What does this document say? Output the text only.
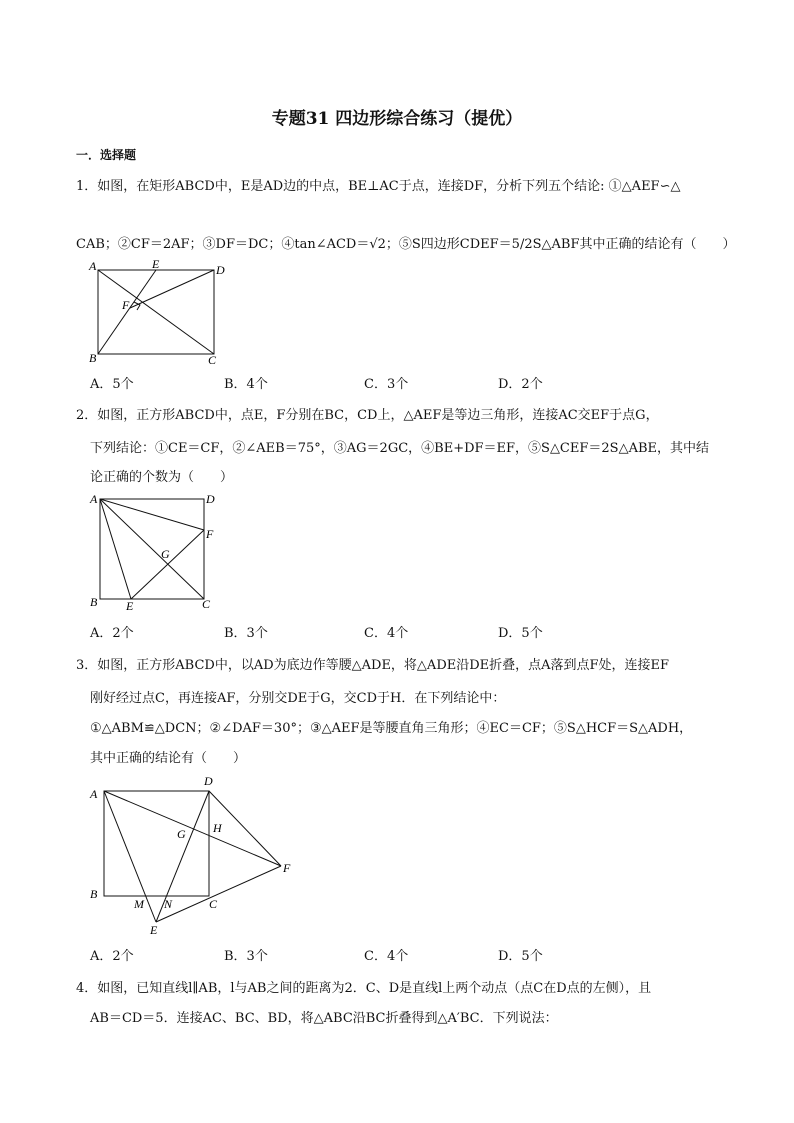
专题31 四边形综合练习（提优）
一．选择题
1．如图，在矩形ABCD中，E是AD边的中点，BE⊥AC于点，连接DF，分析下列五个结论: ①△AEF∽△
CAB；②CF＝2AF；③DF＝DC；④tan∠ACD＝√2；⑤S四边形CDEF＝5/2S△ABF其中正确的结论有（　　）
A	E	D
F
B	C
A．5个	B．4个	C．3个	D．2个
2．如图，正方形ABCD中，点E，F分别在BC，CD上，△AEF是等边三角形，连接AC交EF于点G，
下列结论：①CE＝CF，②∠AEB＝75°，③AG＝2GC，④BE+DF＝EF，⑤S△CEF＝2S△ABE，其中结
论正确的个数为（　　）
A	D
F
G
B E	C
A．2个	B．3个	C．4个	D．5个
3．如图，正方形ABCD中，以AD为底边作等腰△ADE，将△ADE沿DE折叠，点A落到点F处，连接EF
刚好经过点C，再连接AF，分别交DE于G，交CD于H．在下列结论中：
①△ABM≌△DCN；②∠DAF＝30°；③△AEF是等腰直角三角形；④EC＝CF；⑤S△HCF＝S△ADH，
其中正确的结论有（　　）
A
D
H
G
F
B
M N	C
E
A．2个	B．3个	C．4个	D．5个
4．如图，已知直线l∥AB，l与AB之间的距离为2．C、D是直线l上两个动点（点C在D点的左侧），且
AB＝CD＝5．连接AC、BC、BD，将△ABC沿BC折叠得到△A′BC．下列说法：
